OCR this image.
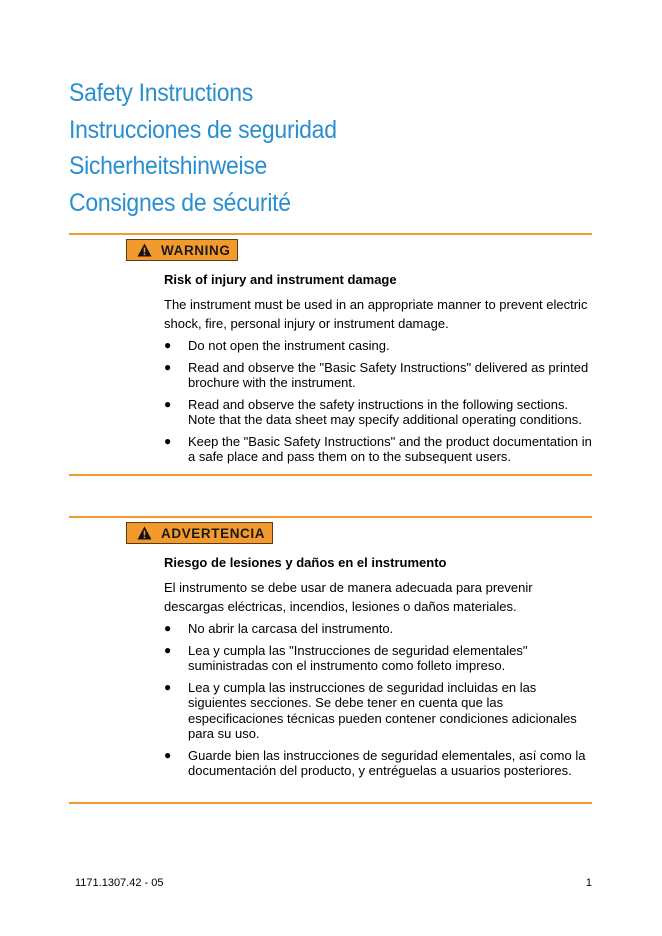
Safety Instructions
Instrucciones de seguridad
Sicherheitshinweise
Consignes de sécurité
WARNING
Risk of injury and instrument damage
The instrument must be used in an appropriate manner to prevent electric shock, fire, personal injury or instrument damage.
● Do not open the instrument casing.
● Read and observe the "Basic Safety Instructions" delivered as printed brochure with the instrument.
● Read and observe the safety instructions in the following sections. Note that the data sheet may specify additional operating conditions.
● Keep the "Basic Safety Instructions" and the product documentation in a safe place and pass them on to the subsequent users.
ADVERTENCIA
Riesgo de lesiones y daños en el instrumento
El instrumento se debe usar de manera adecuada para prevenir descargas eléctricas, incendios, lesiones o daños materiales.
● No abrir la carcasa del instrumento.
● Lea y cumpla las "Instrucciones de seguridad elementales" suministradas con el instrumento como folleto impreso.
● Lea y cumpla las instrucciones de seguridad incluidas en las siguientes secciones. Se debe tener en cuenta que las especificaciones técnicas pueden contener condiciones adicionales para su uso.
● Guarde bien las instrucciones de seguridad elementales, así como la documentación del producto, y entréguelas a usuarios posteriores.
1171.1307.42 - 05	1
